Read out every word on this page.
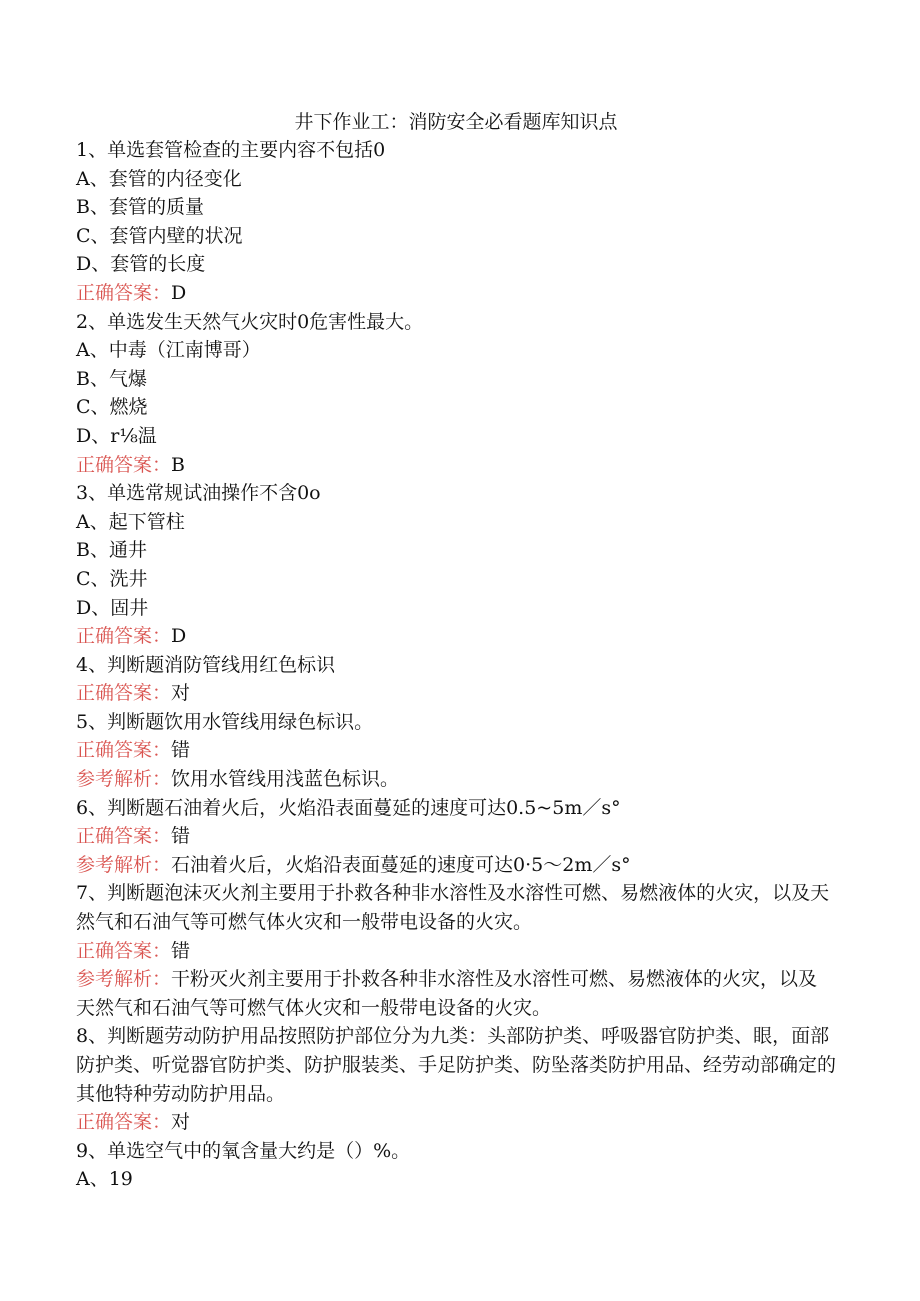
井下作业工：消防安全必看题库知识点
1、单选套管检查的主要内容不包括0
A、套管的内径变化
B、套管的质量
C、套管内壁的状况
D、套管的长度
正确答案：D
2、单选发生天然气火灾时0危害性最大。
A、中毒（江南博哥）
B、气爆
C、燃烧
D、r⅛温
正确答案：B
3、单选常规试油操作不含0o
A、起下管柱
B、通井
C、洗井
D、固井
正确答案：D
4、判断题消防管线用红色标识
正确答案：对
5、判断题饮用水管线用绿色标识。
正确答案：错
参考解析：饮用水管线用浅蓝色标识。
6、判断题石油着火后，火焰沿表面蔓延的速度可达0.5~5m／s°
正确答案：错
参考解析：石油着火后，火焰沿表面蔓延的速度可达0·5～2m／s°
7、判断题泡沫灭火剂主要用于扑救各种非水溶性及水溶性可燃、易燃液体的火灾，以及天然气和石油气等可燃气体火灾和一般带电设备的火灾。
正确答案：错
参考解析：干粉灭火剂主要用于扑救各种非水溶性及水溶性可燃、易燃液体的火灾，以及天然气和石油气等可燃气体火灾和一般带电设备的火灾。
8、判断题劳动防护用品按照防护部位分为九类：头部防护类、呼吸器官防护类、眼，面部防护类、听觉器官防护类、防护服装类、手足防护类、防坠落类防护用品、经劳动部确定的其他特种劳动防护用品。
正确答案：对
9、单选空气中的氧含量大约是（）%。
A、19
